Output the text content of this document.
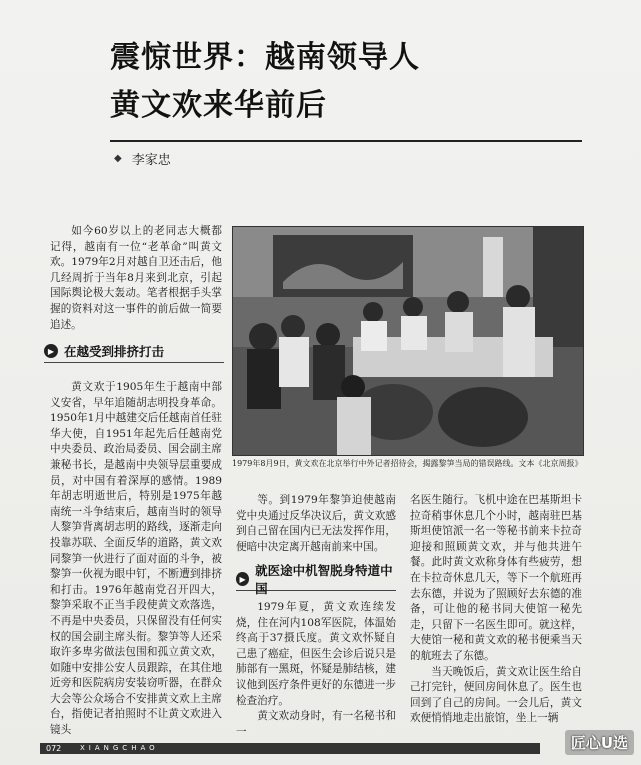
震惊世界：越南领导人
黄文欢来华前后
◆ 李家忠
如今60岁以上的老同志大概都记得，越南有一位“老革命”叫黄文欢。1979年2月对越自卫还击后，他几经周折于当年8月来到北京，引起国际舆论极大轰动。笔者根据手头掌握的资料对这一事件的前后做一简要追述。
▶ 在越受到排挤打击

黄文欢于1905年生于越南中部义安省，早年追随胡志明投身革命。1950年1月中越建交后任越南首任驻华大使，自1951年起先后任越南党中央委员、政治局委员、国会副主席兼秘书长，是越南中央领导层重要成员，对中国有着深厚的感情。1989年胡志明逝世后，特别是1975年越南统一斗争结束后，越南当时的领导人黎笋背离胡志明的路线，逐渐走向投靠苏联、全面反华的道路，黄文欢同黎笋一伙进行了面对面的斗争，被黎笋一伙视为眼中钉，不断遭到排挤和打击。1976年越南党召开四大，黎笋采取不正当手段使黄文欢落选，不再是中央委员，只保留没有任何实权的国会副主席头衔。黎笋等人还采取许多卑劣做法包围和孤立黄文欢，如随中安排公安人员跟踪，在其住地近旁和医院病房安装窃听器，在群众大会等公众场合不安排黄文欢上主席台，指使记者拍照时不让黄文欢进入镜头

1979年8月9日，黄文欢在北京举行中外记者招待会，揭露黎笋当局的错误路线。文本《北京周报》

等。到1979年黎笋迫使越南党中央通过反华决议后，黄文欢感到自己留在国内已无法发挥作用，便暗中决定离开越南前来中国。

▶
就医途中机智脱身特道中国

1979年夏，黄文欢连续发烧，住在河内108军医院，体温始终高于37摄氏度。黄文欢怀疑自己患了癌症，但医生会诊后说只是肺部有一黑斑，怀疑是肺结核，建议他到医疗条件更好的东德进一步检查治疗。

黄文欢动身时，有一名秘书和一

名医生随行。飞机中途在巴基斯坦卡拉奇稍事休息几个小时，越南驻巴基斯坦使馆派一名一等秘书前来卡拉奇迎接和照顾黄文欢，并与他共进午餐。此时黄文欢称身体有些疲劳，想在卡拉奇休息几天，等下一个航班再去东德，并说为了照顾好去东德的准备，可让他的秘书同大使馆一秘先走，只留下一名医生即可。就这样，大使馆一秘和黄文欢的秘书便乘当天的航班去了东德。

当天晚饭后，黄文欢让医生给自己打完针，便回房间休息了。医生也回到了自己的房间。一会儿后，黄文欢便悄悄地走出旅馆，坐上一辆

072	XIANGCHAO	匠心U选
